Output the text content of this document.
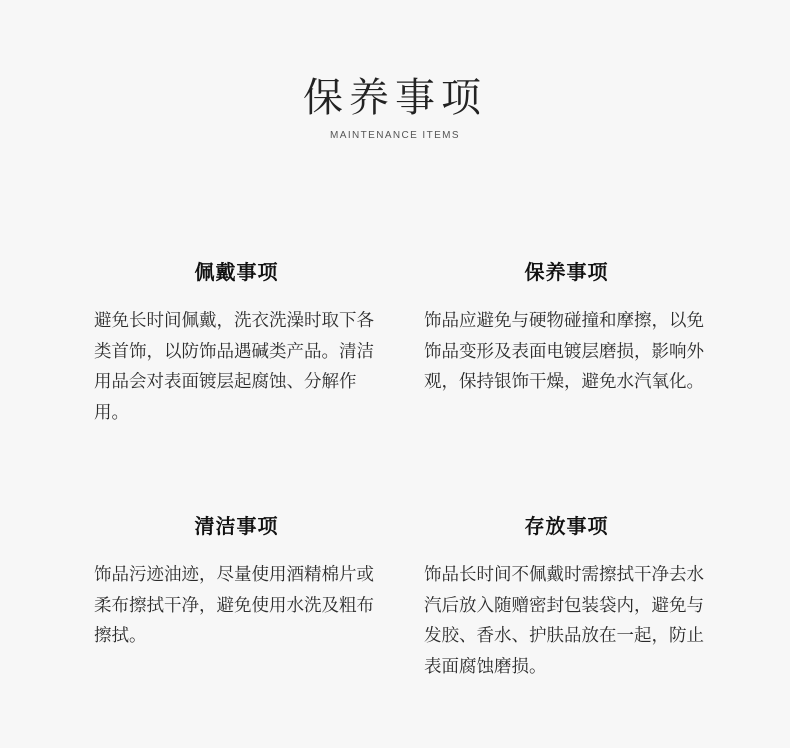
保养事项
MAINTENANCE ITEMS
佩戴事项
避免长时间佩戴，洗衣洗澡时取下各类首饰，以防饰品遇碱类产品。清洁用品会对表面镀层起腐蚀、分解作用。
保养事项
饰品应避免与硬物碰撞和摩擦，以免饰品变形及表面电镀层磨损，影响外观，保持银饰干燥，避免水汽氧化。
清洁事项
饰品污迹油迹，尽量使用酒精棉片或柔布擦拭干净，避免使用水洗及粗布擦拭。
存放事项
饰品长时间不佩戴时需擦拭干净去水汽后放入随赠密封包装袋内，避免与发胶、香水、护肤品放在一起，防止表面腐蚀磨损。
